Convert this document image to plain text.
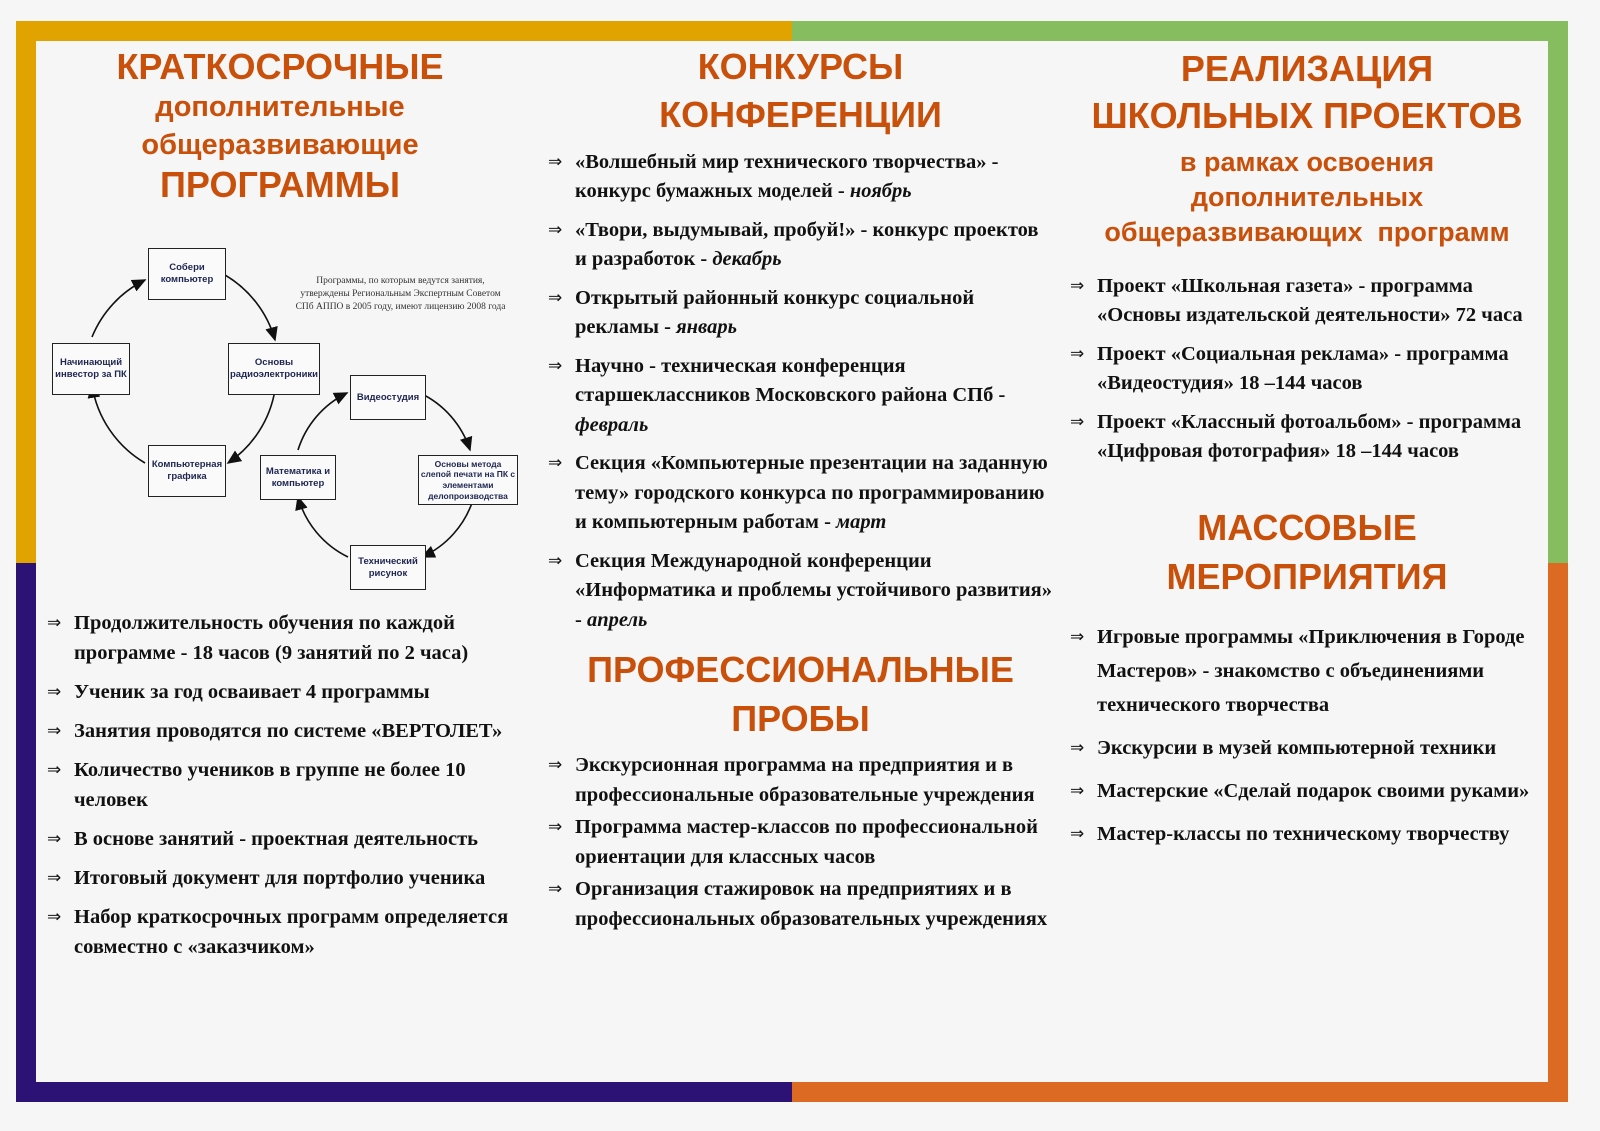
КРАТКОСРОЧНЫЕ

дополнительные

общеразвивающие

ПРОГРАММЫ

Программы, по которым ведутся занятия, утверждены Региональным Экспертным Советом СПб АППО в 2005 году, имеют лицензию 2008 года
Собери компьютер
Основы радиоэлектроники
Компьютерная графика
Начинающий инвестор за ПК
Видеостудия
Основы метода слепой печати на ПК с элементами делопроизводства
Технический рисунок
Математика и компьютер
⇒ Продолжительность обучения по каждой программе - 18 часов (9 занятий по 2 часа)
⇒ Ученик за год осваивает 4 программы
⇒ Занятия проводятся по системе «ВЕРТОЛЕТ»
⇒ Количество учеников в группе не более 10 человек
⇒ В основе занятий - проектная деятельность
⇒ Итоговый документ для портфолио ученика
⇒ Набор краткосрочных программ определяется совместно с «заказчиком»

КОНКУРСЫ

КОНФЕРЕНЦИИ

⇒ «Волшебный мир технического творчества» - конкурс бумажных моделей - ноябрь
⇒ «Твори, выдумывай, пробуй!» - конкурс проектов и разработок - декабрь
⇒ Открытый районный конкурс социальной рекламы - январь
⇒ Научно - техническая конференция старшеклассников Московского района СПб - февраль
⇒ Секция «Компьютерные презентации на заданную тему» городского конкурса по программированию и компьютерным работам - март
⇒ Секция Международной конференции «Информатика и проблемы устойчивого развития» - апрель

ПРОФЕССИОНАЛЬНЫЕ

ПРОБЫ

⇒ Экскурсионная программа на предприятия и в профессиональные образовательные учреждения
⇒ Программа мастер-классов по профессиональной ориентации для классных часов
⇒ Организация стажировок на предприятиях и в профессиональных образовательных учреждениях

РЕАЛИЗАЦИЯ

ШКОЛЬНЫХ ПРОЕКТОВ

в рамках освоения

дополнительных

общеразвивающих  программ

⇒ Проект «Школьная газета» - программа «Основы издательской деятельности» 72 часа
⇒ Проект «Социальная реклама» - программа «Видеостудия» 18 –144 часов
⇒ Проект «Классный фотоальбом» - программа «Цифровая фотография» 18 –144 часов

МАССОВЫЕ

МЕРОПРИЯТИЯ

⇒ Игровые программы «Приключения в Городе Мастеров» - знакомство с объединениями технического творчества
⇒ Экскурсии в музей компьютерной техники
⇒ Мастерские «Сделай подарок своими руками»
⇒ Мастер-классы по техническому творчеству
